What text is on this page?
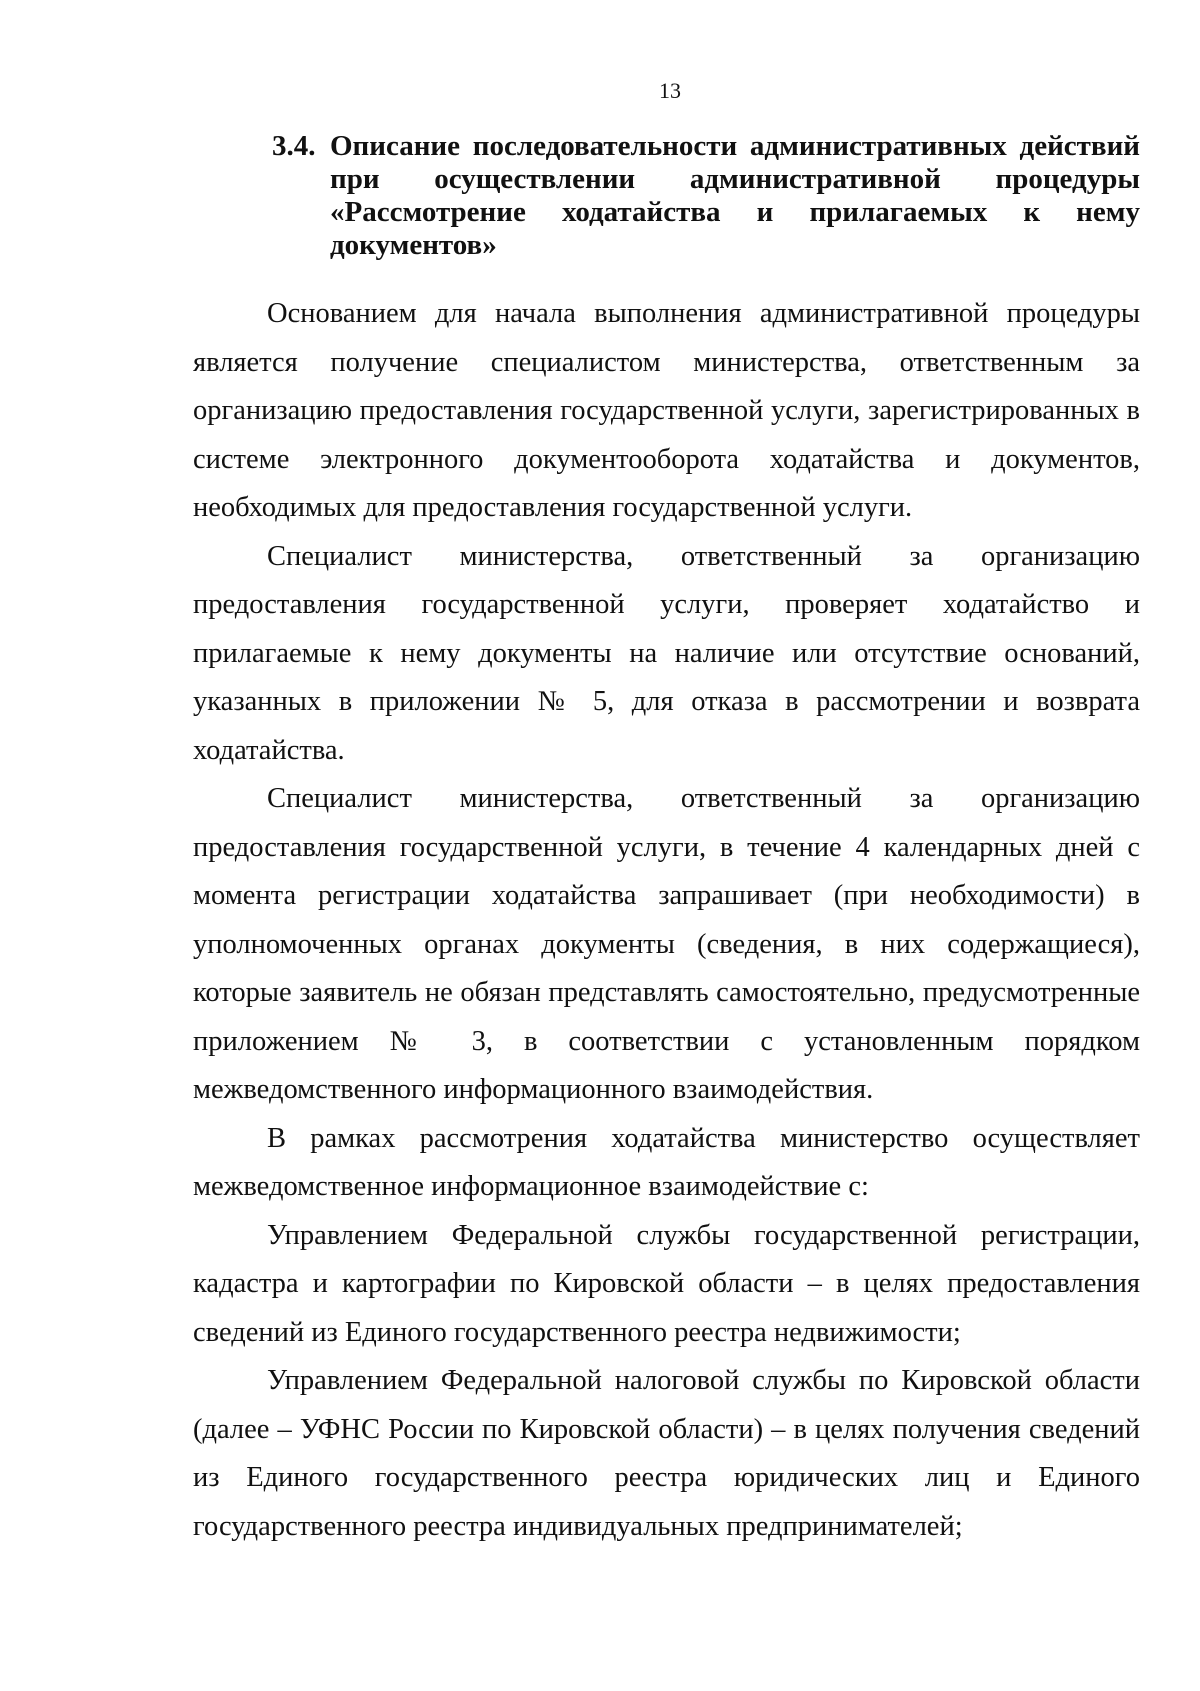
13
3.4. Описание последовательности административных действий при осуществлении административной процедуры «Рассмотрение ходатайства и прилагаемых к нему документов»

Основанием для начала выполнения административной процедуры является получение специалистом министерства, ответственным за организацию предоставления государственной услуги, зарегистрированных в системе электронного документооборота ходатайства и документов, необходимых для предоставления государственной услуги.

Специалист министерства, ответственный за организацию предоставления государственной услуги, проверяет ходатайство и прилагаемые к нему документы на наличие или отсутствие оснований, указанных в приложении № 5, для отказа в рассмотрении и возврата ходатайства.

Специалист министерства, ответственный за организацию предоставления государственной услуги, в течение 4 календарных дней с момента регистрации ходатайства запрашивает (при необходимости) в уполномоченных органах документы (сведения, в них содержащиеся), которые заявитель не обязан представлять самостоятельно, предусмотренные приложением № 3, в соответствии с установленным порядком межведомственного информационного взаимодействия.

В рамках рассмотрения ходатайства министерство осуществляет межведомственное информационное взаимодействие с:

Управлением Федеральной службы государственной регистрации, кадастра и картографии по Кировской области – в целях предоставления сведений из Единого государственного реестра недвижимости;

Управлением Федеральной налоговой службы по Кировской области (далее – УФНС России по Кировской области) – в целях получения сведений из Единого государственного реестра юридических лиц и Единого государственного реестра индивидуальных предпринимателей;
